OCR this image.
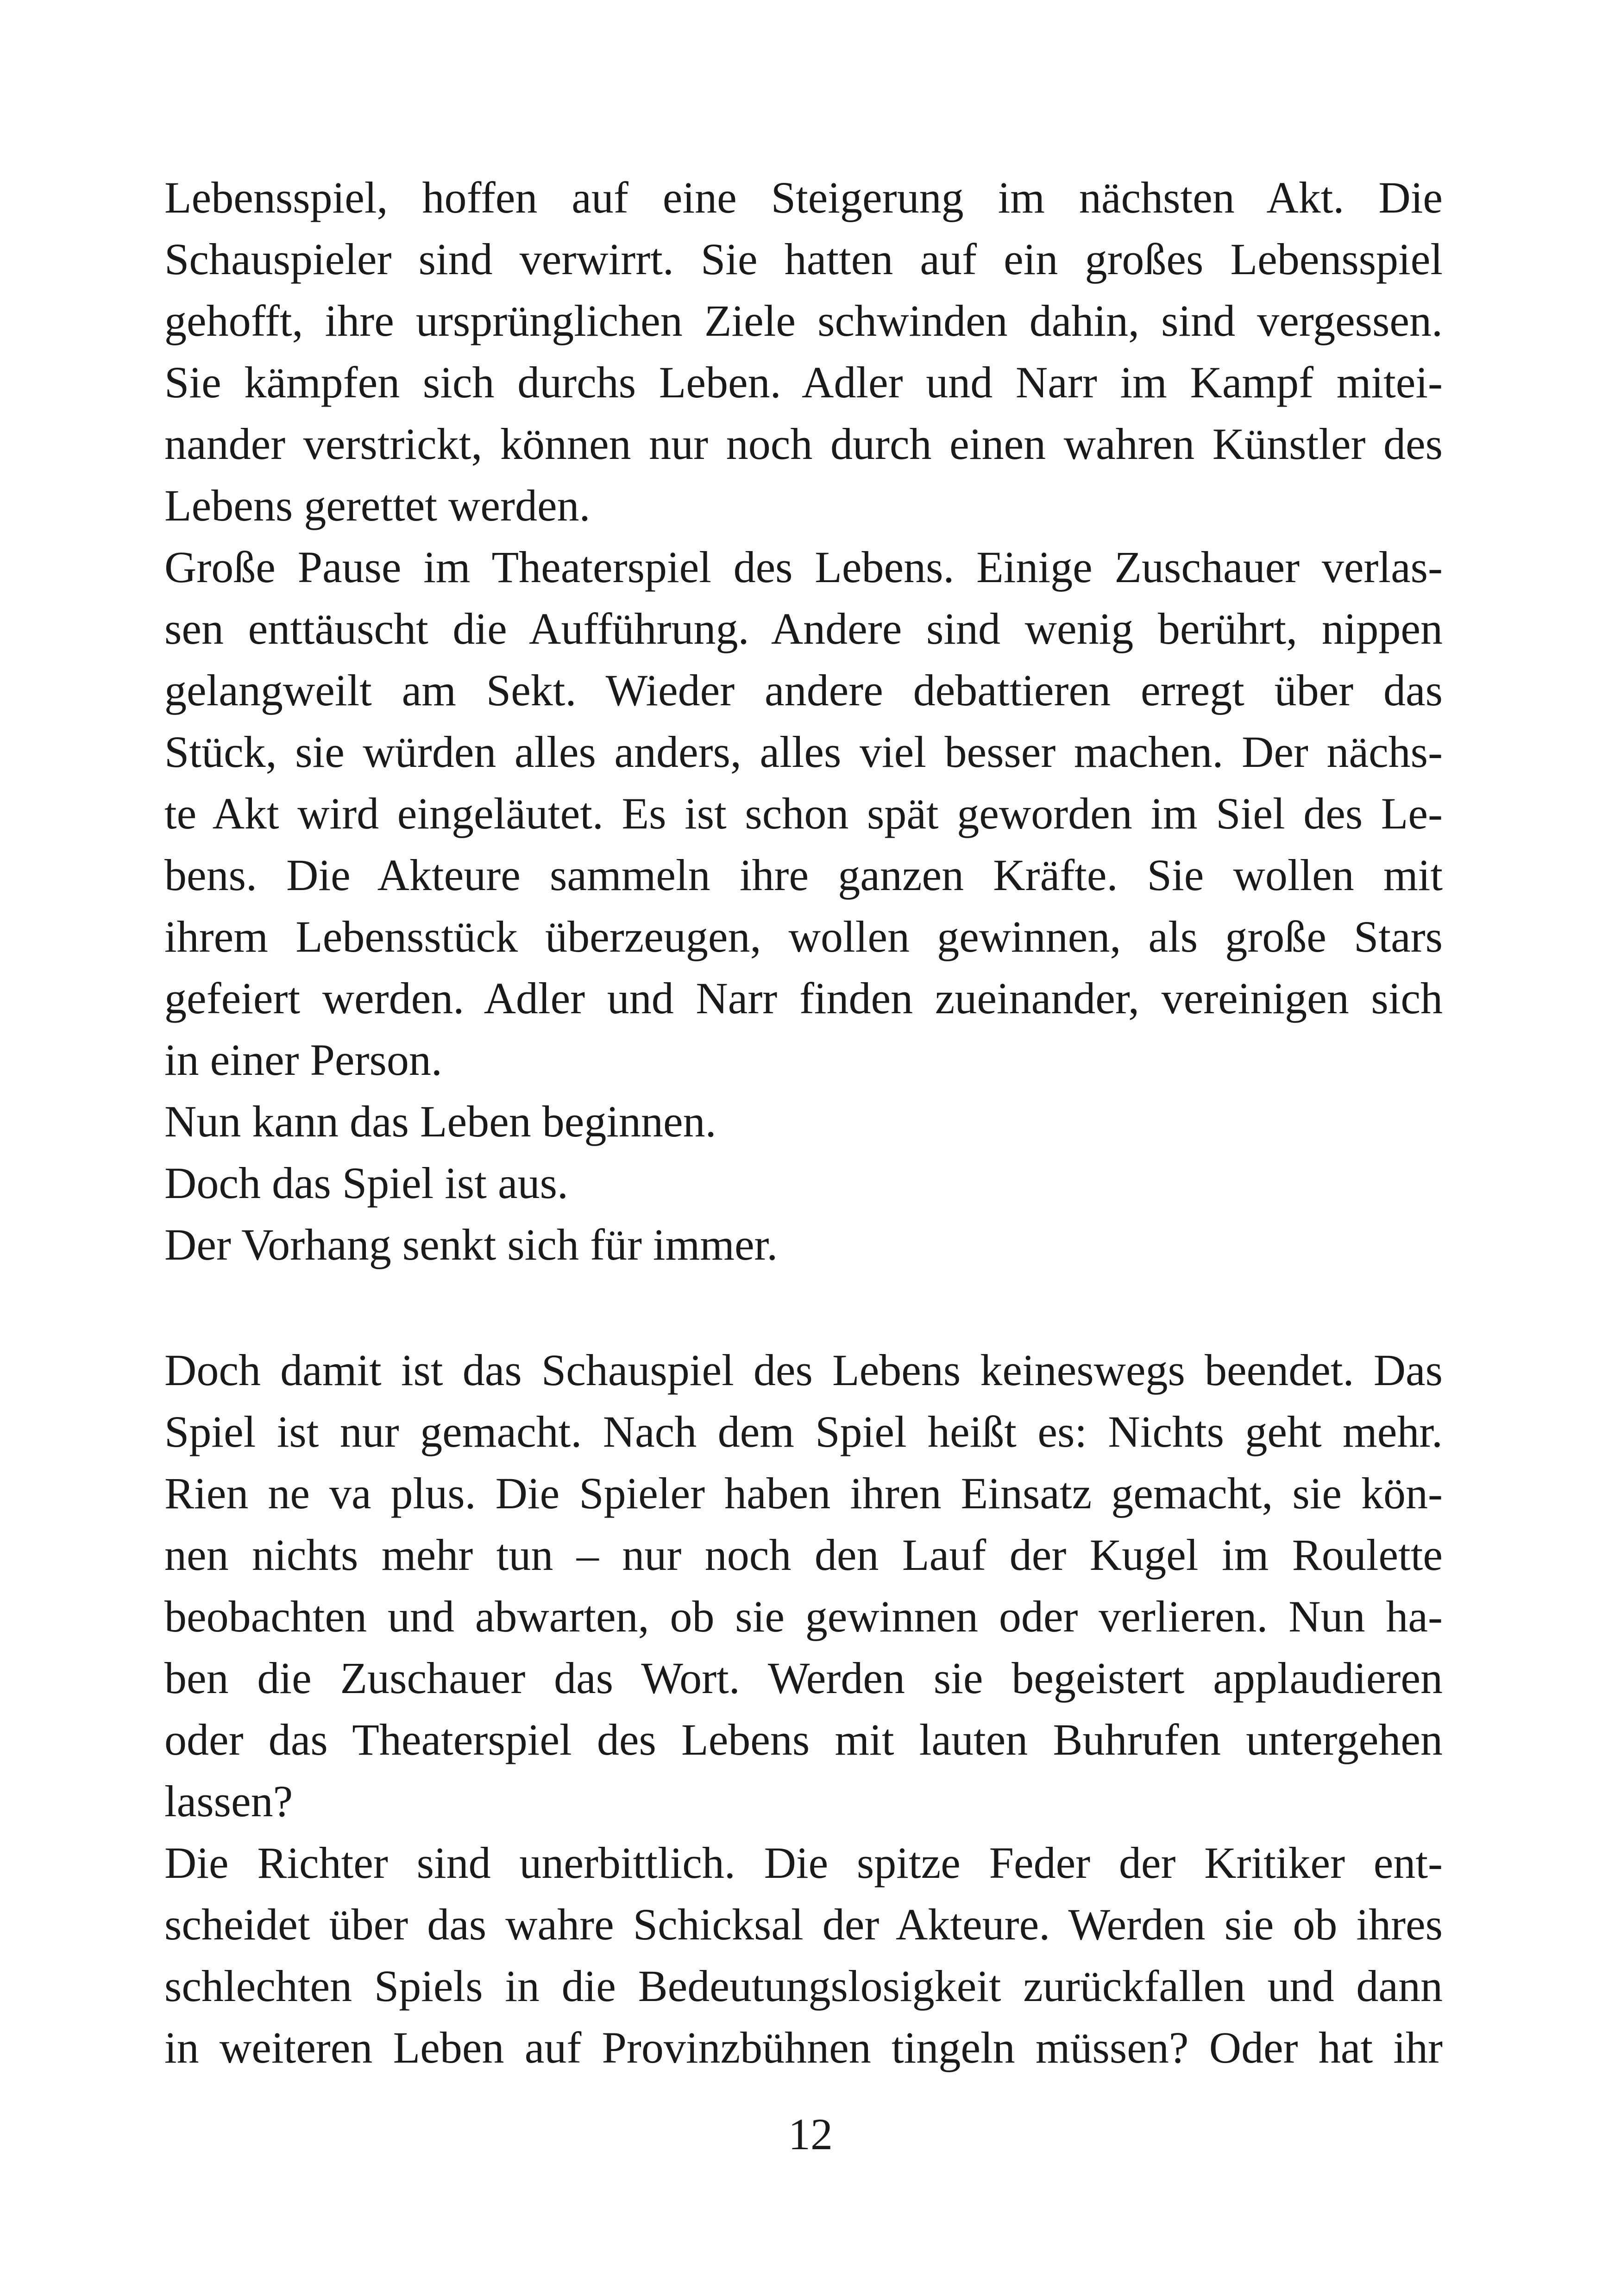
Lebensspiel, hoffen auf eine Steigerung im nächsten Akt. Die
Schauspieler sind verwirrt. Sie hatten auf ein großes Lebensspiel
gehofft, ihre ursprünglichen Ziele schwinden dahin, sind vergessen.
Sie kämpfen sich durchs Leben. Adler und Narr im Kampf mitei-
nander verstrickt, können nur noch durch einen wahren Künstler des
Lebens gerettet werden.
Große Pause im Theaterspiel des Lebens. Einige Zuschauer verlas-
sen enttäuscht die Aufführung. Andere sind wenig berührt, nippen
gelangweilt am Sekt. Wieder andere debattieren erregt über das
Stück, sie würden alles anders, alles viel besser machen. Der nächs-
te Akt wird eingeläutet. Es ist schon spät geworden im Siel des Le-
bens. Die Akteure sammeln ihre ganzen Kräfte. Sie wollen mit
ihrem Lebensstück überzeugen, wollen gewinnen, als große Stars
gefeiert werden. Adler und Narr finden zueinander, vereinigen sich
in einer Person.
Nun kann das Leben beginnen.
Doch das Spiel ist aus.
Der Vorhang senkt sich für immer.
Doch damit ist das Schauspiel des Lebens keineswegs beendet. Das
Spiel ist nur gemacht. Nach dem Spiel heißt es: Nichts geht mehr.
Rien ne va plus. Die Spieler haben ihren Einsatz gemacht, sie kön-
nen nichts mehr tun – nur noch den Lauf der Kugel im Roulette
beobachten und abwarten, ob sie gewinnen oder verlieren. Nun ha-
ben die Zuschauer das Wort. Werden sie begeistert applaudieren
oder das Theaterspiel des Lebens mit lauten Buhrufen untergehen
lassen?
Die Richter sind unerbittlich. Die spitze Feder der Kritiker ent-
scheidet über das wahre Schicksal der Akteure. Werden sie ob ihres
schlechten Spiels in die Bedeutungslosigkeit zurückfallen und dann
in weiteren Leben auf Provinzbühnen tingeln müssen? Oder hat ihr
12
